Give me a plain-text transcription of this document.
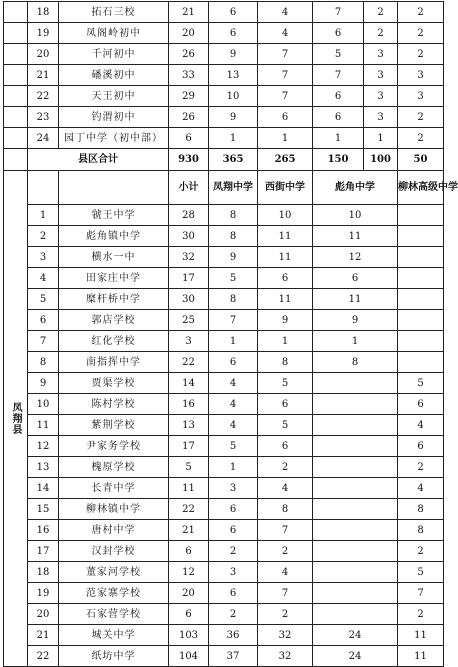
	18	拓石三校	21	6	4	7	2	2
	19	凤阁岭初中	20	6	4	6	2	2
	20	千河初中	26	9	7	5	3	2
	21	磻溪初中	33	13	7	7	3	3
	22	天王初中	29	10	7	6	3	3
	23	钓渭初中	26	9	6	6	3	2
	24	园丁中学（初中部）	6	1	1	1	1	2
	县区合计		930	365	265	150	100	50
凤翔县			小计	凤翔中学	西街中学	彪角中学		柳林高级中学
	1	虢王中学	28	8	10	10		
	2	彪角镇中学	30	8	11	11		
	3	横水一中	32	9	11	12		
	4	田家庄中学	17	5	6	6		
	5	糜杆桥中学	30	8	11	11		
	6	郭店学校	25	7	9	9		
	7	红化学校	3	1	1	1		
	8	南指挥中学	22	6	8	8		
	9	贾渠学校	14	4	5			5
	10	陈村学校	16	4	6			6
	11	紫荆学校	13	4	5			4
	12	尹家务学校	17	5	6			6
	13	槐原学校	5	1	2			2
	14	长青中学	11	3	4			4
	15	柳林镇中学	22	6	8			8
	16	唐村中学	21	6	7			8
	17	汉封学校	6	2	2			2
	18	董家河学校	12	3	4			5
	19	范家寨学校	20	6	7			7
	20	石家营学校	6	2	2			2
	21	城关中学	103	36	32	24		11
	22	纸坊中学	104	37	32	24		11
